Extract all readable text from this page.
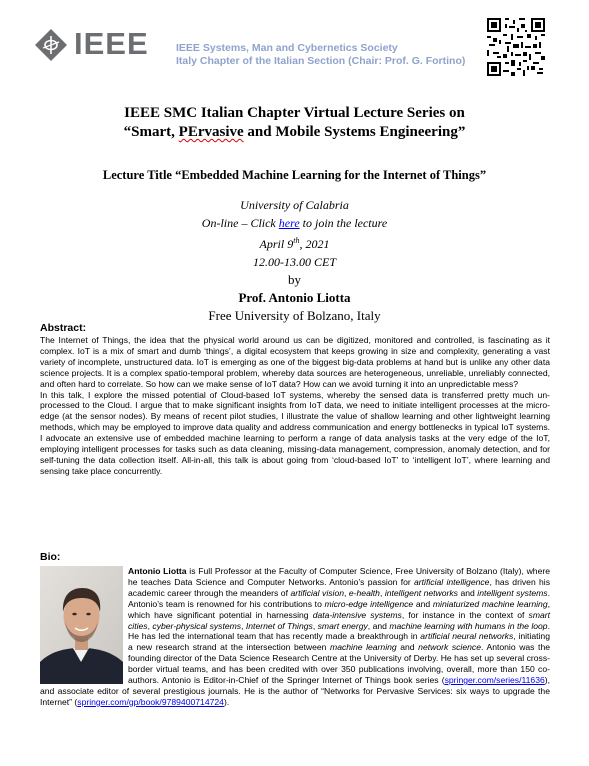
IEEE	IEEE Systems, Man and Cybernetics Society
Italy Chapter of the Italian Section (Chair: Prof. G. Fortino)
IEEE SMC Italian Chapter Virtual Lecture Series on
“Smart, PErvasive and Mobile Systems Engineering”
Lecture Title “Embedded Machine Learning for the Internet of Things”
University of Calabria
On-line – Click here to join the lecture
April 9th, 2021
12.00-13.00 CET
by
Prof. Antonio Liotta
Free University of Bolzano, Italy
Abstract:

The Internet of Things, the idea that the physical world around us can be digitized, monitored and controlled, is fascinating as it complex. IoT is a mix of smart and dumb ‘things’, a digital ecosystem that keeps growing in size and complexity, generating a vast variety of incomplete, unstructured data. IoT is emerging as one of the biggest big-data problems at hand but is unlike any other data science projects. It is a complex spatio-temporal problem, whereby data sources are heterogeneous, unreliable, unreliably connected, and often hard to correlate. So how can we make sense of IoT data? How can we avoid turning it into an unpredictable mess?

In this talk, I explore the missed potential of Cloud-based IoT systems, whereby the sensed data is transferred pretty much un-processed to the Cloud. I argue that to make significant insights from IoT data, we need to initiate intelligent processes at the micro-edge (at the sensor nodes). By means of recent pilot studies, I illustrate the value of shallow learning and other lightweight learning methods, which may be employed to improve data quality and address communication and energy bottlenecks in typical IoT systems. I advocate an extensive use of embedded machine learning to perform a range of data analysis tasks at the very edge of the IoT, employing intelligent processes for tasks such as data cleaning, missing-data management, compression, anomaly detection, and for self-tuning the data collection itself. All-in-all, this talk is about going from ‘cloud-based IoT’ to ‘intelligent IoT’, where learning and sensing take place concurrently.

Bio:
Antonio Liotta is Full Professor at the Faculty of Computer Science, Free University of Bolzano (Italy), where he teaches Data Science and Computer Networks. Antonio’s passion for artificial intelligence, has driven his academic career through the meanders of artificial vision, e-health, intelligent networks and intelligent systems. Antonio’s team is renowned for his contributions to micro-edge intelligence and miniaturized machine learning, which have significant potential in harnessing data-intensive systems, for instance in the context of smart cities, cyber-physical systems, Internet of Things, smart energy, and machine learning with humans in the loop. He has led the international team that has recently made a breakthrough in artificial neural networks, initiating a new research strand at the intersection between machine learning and network science. Antonio was the founding director of the Data Science Research Centre at the University of Derby. He has set up several cross-border virtual teams, and has been credited with over 350 publications involving, overall, more than 150 co-authors. Antonio is Editor-in-Chief of the Springer Internet of Things book series (springer.com/series/11636), and associate editor of several prestigious journals. He is the author of “Networks for Pervasive Services: six ways to upgrade the Internet” (springer.com/gp/book/9789400714724).
